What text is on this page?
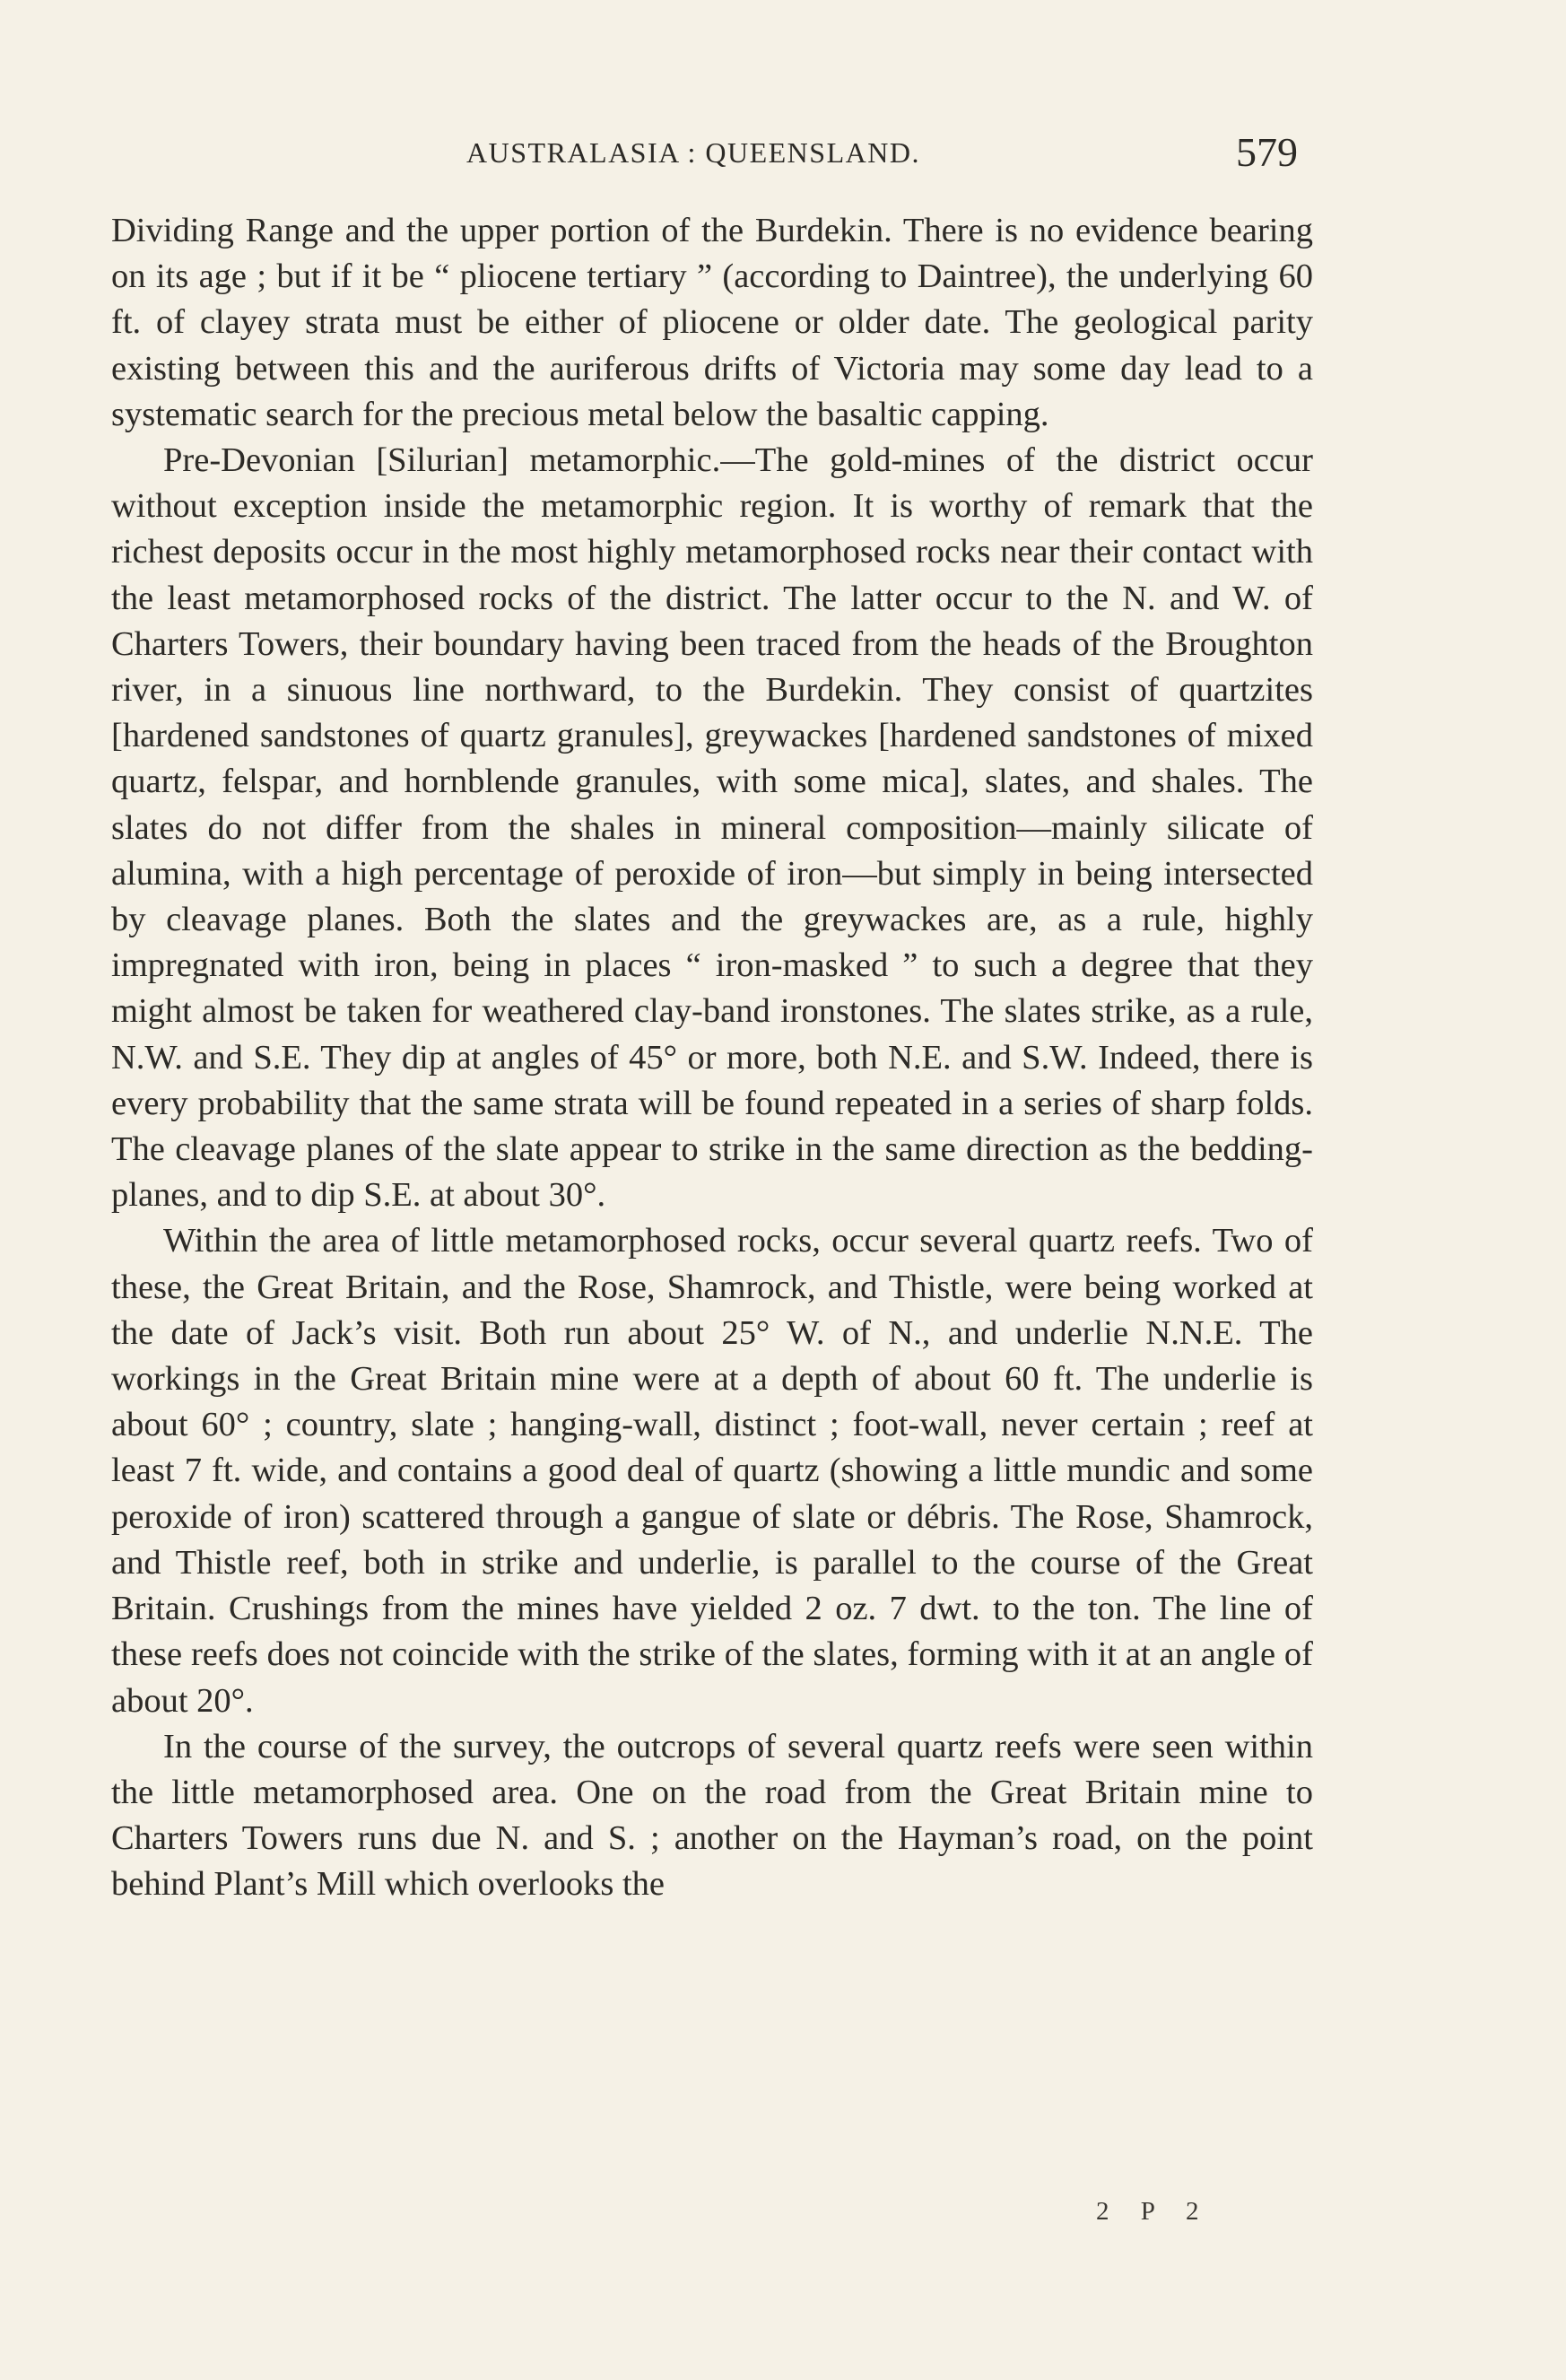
AUSTRALASIA : QUEENSLAND.	579

Dividing Range and the upper portion of the Burdekin. There is no evidence bearing on its age ; but if it be “ pliocene tertiary ” (according to Daintree), the underlying 60 ft. of clayey strata must be either of pliocene or older date. The geological parity existing between this and the auriferous drifts of Victoria may some day lead to a systematic search for the precious metal below the basaltic capping.

Pre-Devonian [Silurian] metamorphic.—The gold-mines of the district occur without exception inside the metamorphic region. It is worthy of remark that the richest deposits occur in the most highly metamorphosed rocks near their contact with the least metamorphosed rocks of the district. The latter occur to the N. and W. of Charters Towers, their boundary having been traced from the heads of the Broughton river, in a sinuous line northward, to the Burdekin. They consist of quartzites [hardened sandstones of quartz granules], greywackes [hardened sandstones of mixed quartz, felspar, and hornblende granules, with some mica], slates, and shales. The slates do not differ from the shales in mineral composition—mainly silicate of alumina, with a high percentage of peroxide of iron—but simply in being intersected by cleavage planes. Both the slates and the greywackes are, as a rule, highly impregnated with iron, being in places “ iron-masked ” to such a degree that they might almost be taken for weathered clay-band ironstones. The slates strike, as a rule, N.W. and S.E. They dip at angles of 45° or more, both N.E. and S.W. Indeed, there is every probability that the same strata will be found repeated in a series of sharp folds. The cleavage planes of the slate appear to strike in the same direction as the bedding-planes, and to dip S.E. at about 30°.

Within the area of little metamorphosed rocks, occur several quartz reefs. Two of these, the Great Britain, and the Rose, Shamrock, and Thistle, were being worked at the date of Jack’s visit. Both run about 25° W. of N., and underlie N.N.E. The workings in the Great Britain mine were at a depth of about 60 ft. The underlie is about 60° ; country, slate ; hanging-wall, distinct ; foot-wall, never certain ; reef at least 7 ft. wide, and contains a good deal of quartz (showing a little mundic and some peroxide of iron) scattered through a gangue of slate or débris. The Rose, Shamrock, and Thistle reef, both in strike and underlie, is parallel to the course of the Great Britain. Crushings from the mines have yielded 2 oz. 7 dwt. to the ton. The line of these reefs does not coincide with the strike of the slates, forming with it at an angle of about 20°.

In the course of the survey, the outcrops of several quartz reefs were seen within the little metamorphosed area. One on the road from the Great Britain mine to Charters Towers runs due N. and S. ; another on the Hayman’s road, on the point behind Plant’s Mill which overlooks the

2 P 2
